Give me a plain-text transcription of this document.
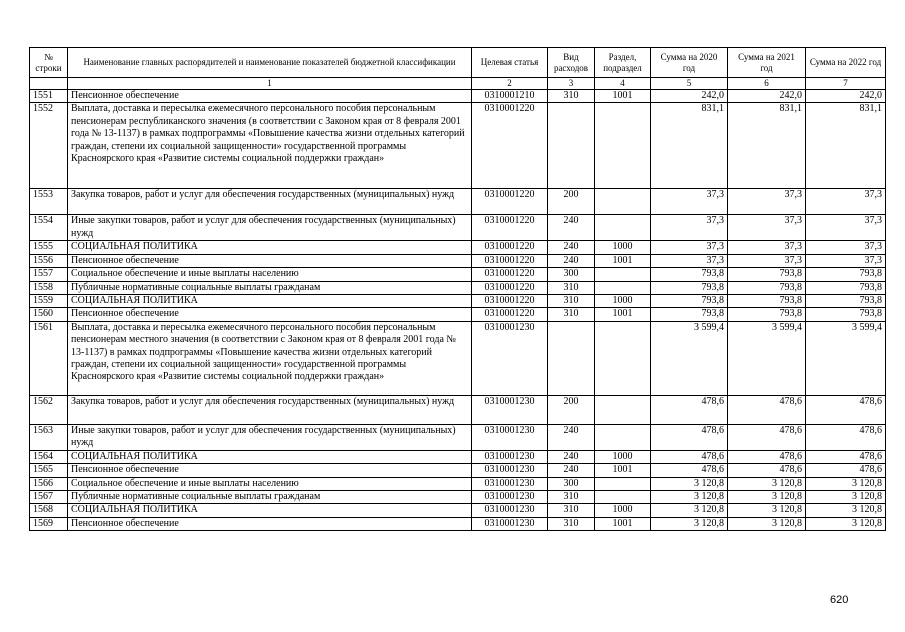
№ строки	Наименование главных распорядителей и наименование показателей бюджетной классификации	Целевая статья	Вид расходов	Раздел, подраздел	Сумма на 2020 год	Сумма на 2021 год	Сумма на 2022 год
	1	2	3	4	5	6	7
1551	Пенсионное обеспечение	0310001210	310	1001	242,0	242,0	242,0
1552	Выплата, доставка и пересылка ежемесячного персонального пособия персональным пенсионерам республиканского значения (в соответствии с Законом края от 8 февраля 2001 года № 13-1137) в рамках подпрограммы «Повышение качества жизни отдельных категорий граждан, степени их социальной защищенности» государственной программы Красноярского края «Развитие системы социальной поддержки граждан»	0310001220			831,1	831,1	831,1
1553	Закупка товаров, работ и услуг для обеспечения государственных (муниципальных) нужд	0310001220	200		37,3	37,3	37,3
1554	Иные закупки товаров, работ и услуг для обеспечения государственных (муниципальных) нужд	0310001220	240		37,3	37,3	37,3
1555	СОЦИАЛЬНАЯ ПОЛИТИКА	0310001220	240	1000	37,3	37,3	37,3
1556	Пенсионное обеспечение	0310001220	240	1001	37,3	37,3	37,3
1557	Социальное обеспечение и иные выплаты населению	0310001220	300		793,8	793,8	793,8
1558	Публичные нормативные социальные выплаты гражданам	0310001220	310		793,8	793,8	793,8
1559	СОЦИАЛЬНАЯ ПОЛИТИКА	0310001220	310	1000	793,8	793,8	793,8
1560	Пенсионное обеспечение	0310001220	310	1001	793,8	793,8	793,8
1561	Выплата, доставка и пересылка ежемесячного персонального пособия персональным пенсионерам местного значения (в соответствии с Законом края от 8 февраля 2001 года № 13-1137) в рамках подпрограммы «Повышение качества жизни отдельных категорий граждан, степени их социальной защищенности» государственной программы Красноярского края «Развитие системы социальной поддержки граждан»	0310001230			3 599,4	3 599,4	3 599,4
1562	Закупка товаров, работ и услуг для обеспечения государственных (муниципальных) нужд	0310001230	200		478,6	478,6	478,6
1563	Иные закупки товаров, работ и услуг для обеспечения государственных (муниципальных) нужд	0310001230	240		478,6	478,6	478,6
1564	СОЦИАЛЬНАЯ ПОЛИТИКА	0310001230	240	1000	478,6	478,6	478,6
1565	Пенсионное обеспечение	0310001230	240	1001	478,6	478,6	478,6
1566	Социальное обеспечение и иные выплаты населению	0310001230	300		3 120,8	3 120,8	3 120,8
1567	Публичные нормативные социальные выплаты гражданам	0310001230	310		3 120,8	3 120,8	3 120,8
1568	СОЦИАЛЬНАЯ ПОЛИТИКА	0310001230	310	1000	3 120,8	3 120,8	3 120,8
1569	Пенсионное обеспечение	0310001230	310	1001	3 120,8	3 120,8	3 120,8
620
